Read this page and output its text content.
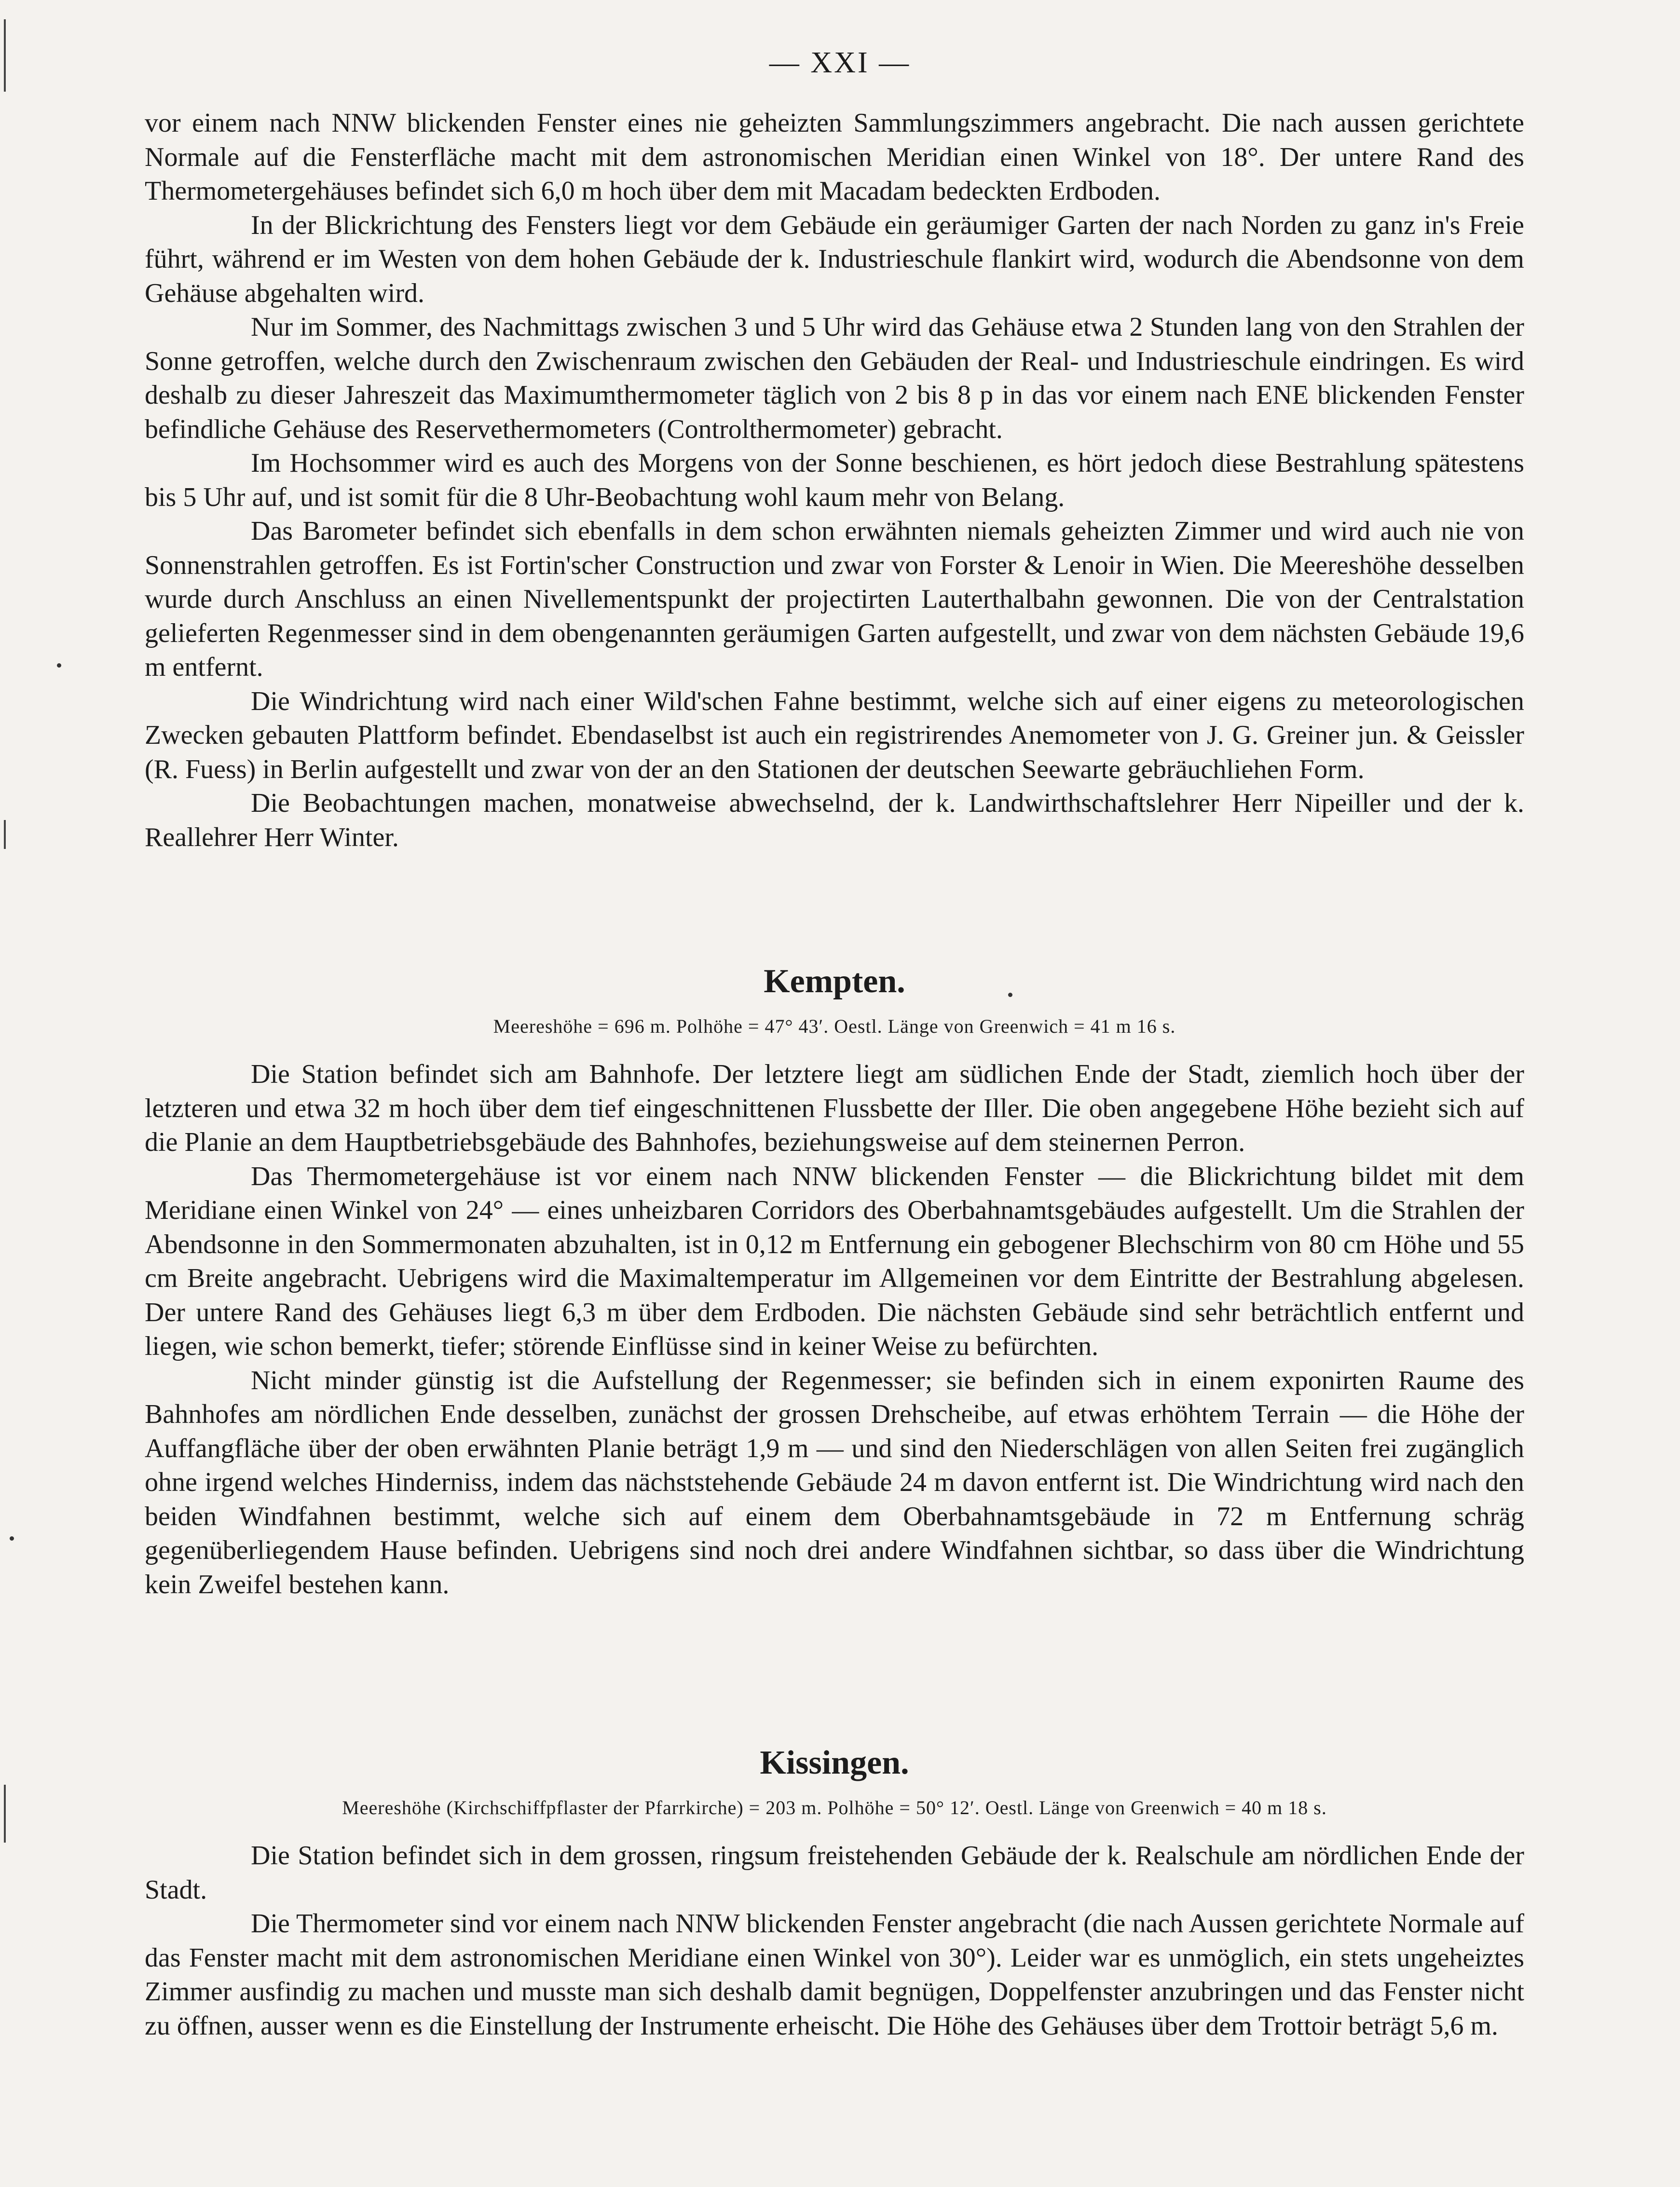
— XXI —

vor einem nach NNW blickenden Fenster eines nie geheizten Sammlungszimmers angebracht. Die nach aussen gerichtete Normale auf die Fensterfläche macht mit dem astronomischen Meridian einen Winkel von 18°. Der untere Rand des Thermometergehäuses befindet sich 6,0 m hoch über dem mit Macadam bedeckten Erdboden.

In der Blickrichtung des Fensters liegt vor dem Gebäude ein geräumiger Garten der nach Norden zu ganz in's Freie führt, während er im Westen von dem hohen Gebäude der k. Industrieschule flankirt wird, wodurch die Abendsonne von dem Gehäuse abgehalten wird.

Nur im Sommer, des Nachmittags zwischen 3 und 5 Uhr wird das Gehäuse etwa 2 Stunden lang von den Strahlen der Sonne getroffen, welche durch den Zwischenraum zwischen den Gebäuden der Real- und Industrieschule eindringen. Es wird deshalb zu dieser Jahreszeit das Maximumthermometer täglich von 2 bis 8 p in das vor einem nach ENE blickenden Fenster befindliche Gehäuse des Reservethermometers (Controlthermometer) gebracht.

Im Hochsommer wird es auch des Morgens von der Sonne beschienen, es hört jedoch diese Bestrahlung spätestens bis 5 Uhr auf, und ist somit für die 8 Uhr-Beobachtung wohl kaum mehr von Belang.

Das Barometer befindet sich ebenfalls in dem schon erwähnten niemals geheizten Zimmer und wird auch nie von Sonnenstrahlen getroffen. Es ist Fortin'scher Construction und zwar von Forster & Lenoir in Wien. Die Meereshöhe desselben wurde durch Anschluss an einen Nivellementspunkt der projectirten Lauterthalbahn gewonnen. Die von der Centralstation gelieferten Regenmesser sind in dem obengenannten geräumigen Garten aufgestellt, und zwar von dem nächsten Gebäude 19,6 m entfernt.

Die Windrichtung wird nach einer Wild'schen Fahne bestimmt, welche sich auf einer eigens zu meteorologischen Zwecken gebauten Plattform befindet. Ebendaselbst ist auch ein registrirendes Anemometer von J. G. Greiner jun. & Geissler (R. Fuess) in Berlin aufgestellt und zwar von der an den Stationen der deutschen Seewarte gebräuchliehen Form.

Die Beobachtungen machen, monatweise abwechselnd, der k. Landwirthschaftslehrer Herr Nipeiller und der k. Reallehrer Herr Winter.

Kempten.
Meereshöhe = 696 m. Polhöhe = 47° 43′. Oestl. Länge von Greenwich = 41 m 16 s.

Die Station befindet sich am Bahnhofe. Der letztere liegt am südlichen Ende der Stadt, ziemlich hoch über der letzteren und etwa 32 m hoch über dem tief eingeschnittenen Flussbette der Iller. Die oben angegebene Höhe bezieht sich auf die Planie an dem Hauptbetriebsgebäude des Bahnhofes, beziehungsweise auf dem steinernen Perron.

Das Thermometergehäuse ist vor einem nach NNW blickenden Fenster — die Blickrichtung bildet mit dem Meridiane einen Winkel von 24° — eines unheizbaren Corridors des Oberbahnamtsgebäudes aufgestellt. Um die Strahlen der Abendsonne in den Sommermonaten abzuhalten, ist in 0,12 m Entfernung ein gebogener Blechschirm von 80 cm Höhe und 55 cm Breite angebracht. Uebrigens wird die Maximaltemperatur im Allgemeinen vor dem Eintritte der Bestrahlung abgelesen. Der untere Rand des Gehäuses liegt 6,3 m über dem Erdboden. Die nächsten Gebäude sind sehr beträchtlich entfernt und liegen, wie schon bemerkt, tiefer; störende Einflüsse sind in keiner Weise zu befürchten.

Nicht minder günstig ist die Aufstellung der Regenmesser; sie befinden sich in einem exponirten Raume des Bahnhofes am nördlichen Ende desselben, zunächst der grossen Drehscheibe, auf etwas erhöhtem Terrain — die Höhe der Auffangfläche über der oben erwähnten Planie beträgt 1,9 m — und sind den Niederschlägen von allen Seiten frei zugänglich ohne irgend welches Hinderniss, indem das nächststehende Gebäude 24 m davon entfernt ist. Die Windrichtung wird nach den beiden Windfahnen bestimmt, welche sich auf einem dem Oberbahnamtsgebäude in 72 m Entfernung schräg gegenüberliegendem Hause befinden. Uebrigens sind noch drei andere Windfahnen sichtbar, so dass über die Windrichtung kein Zweifel bestehen kann.

Kissingen.
Meereshöhe (Kirchschiffpflaster der Pfarrkirche) = 203 m. Polhöhe = 50° 12′. Oestl. Länge von Greenwich = 40 m 18 s.

Die Station befindet sich in dem grossen, ringsum freistehenden Gebäude der k. Realschule am nördlichen Ende der Stadt.

Die Thermometer sind vor einem nach NNW blickenden Fenster angebracht (die nach Aussen gerichtete Normale auf das Fenster macht mit dem astronomischen Meridiane einen Winkel von 30°). Leider war es unmöglich, ein stets ungeheiztes Zimmer ausfindig zu machen und musste man sich deshalb damit begnügen, Doppelfenster anzubringen und das Fenster nicht zu öffnen, ausser wenn es die Einstellung der Instrumente erheischt. Die Höhe des Gehäuses über dem Trottoir beträgt 5,6 m.
